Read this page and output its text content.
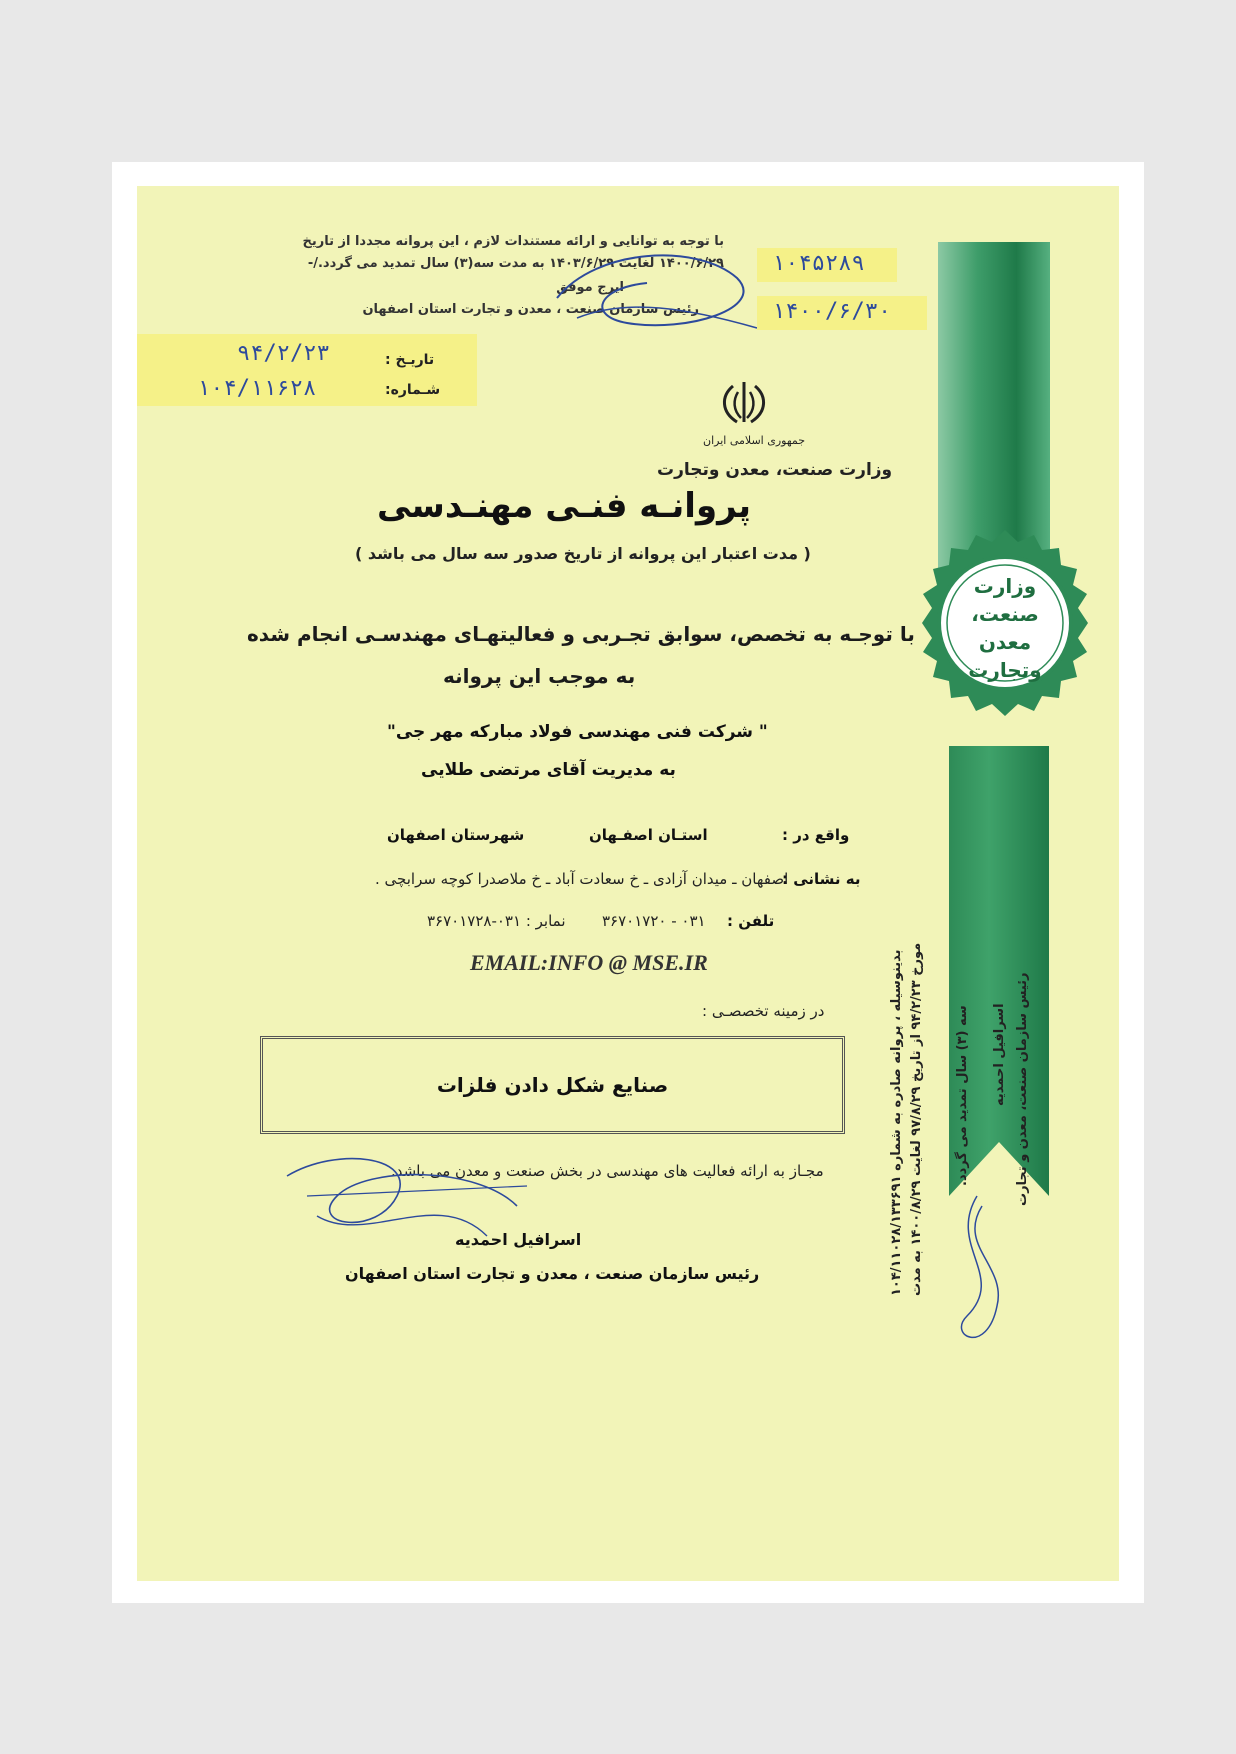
با توجه به توانایی و ارائه مستندات لازم ، این پروانه مجددا از تاریخ
۱۴۰۰/۶/۲۹ لغایت ۱۴۰۳/۶/۲۹ به مدت سه(۳) سال تمدید می گردد./-
ایرج موفق
رئیس سازمان صنعت ، معدن و تجارت استان اصفهان
۱۰۴۵۲۸۹
۱۴۰۰/۶/۳۰
تاریـخ :
شـماره:
۹۴/۲/۲۳
۱۰۴/۱۱۶۲۸
جمهوری اسلامی ایران
وزارت صنعت، معدن وتجارت
وزارت
صنعت، معدن
وتجارت
بدینوسیله ، پروانه صادره به شماره ۱۰۴/۱۱۰۲۸/۱۳۳۶۹۱
مورخ ۹۴/۲/۲۳ از تاریخ ۹۷/۸/۲۹ لغایت ۱۴۰۰/۸/۲۹ به مدت
سه (۳) سال تمدید می گردد. اسرافیل احمدیه رئیس سازمان صنعت، معدن و تجارت
پروانـه فنـی مهنـدسی
( مدت اعتبار این پروانه از تاریخ صدور سه سال می باشد )
با توجـه به تخصص، سوابق تجـربی و فعالیتهـای مهندسـی انجام شده
به موجب این پروانه
" شرکت فنی مهندسی فولاد مبارکه مهر جی"
به مدیریت آقای مرتضی طلایی
واقع در :
استـان اصفـهان
شهرستان اصفهان
به نشانی :
اصفهان ـ میدان آزادی ـ خ سعادت آباد ـ خ ملاصدرا کوچه سرابچی .
تلفن :
۰۳۱ - ۳۶۷۰۱۷۲۰
نمابر : ۰۳۱-۳۶۷۰۱۷۲۸
EMAIL:INFO @ MSE.IR
در زمینه تخصصـی :
صنایع شکل دادن فلزات
مجـاز به ارائه فعالیت های مهندسی در بخش صنعت و معدن می باشد.
اسرافیل احمدیه
رئیس سازمان صنعت ، معدن و تجارت استان اصفهان
